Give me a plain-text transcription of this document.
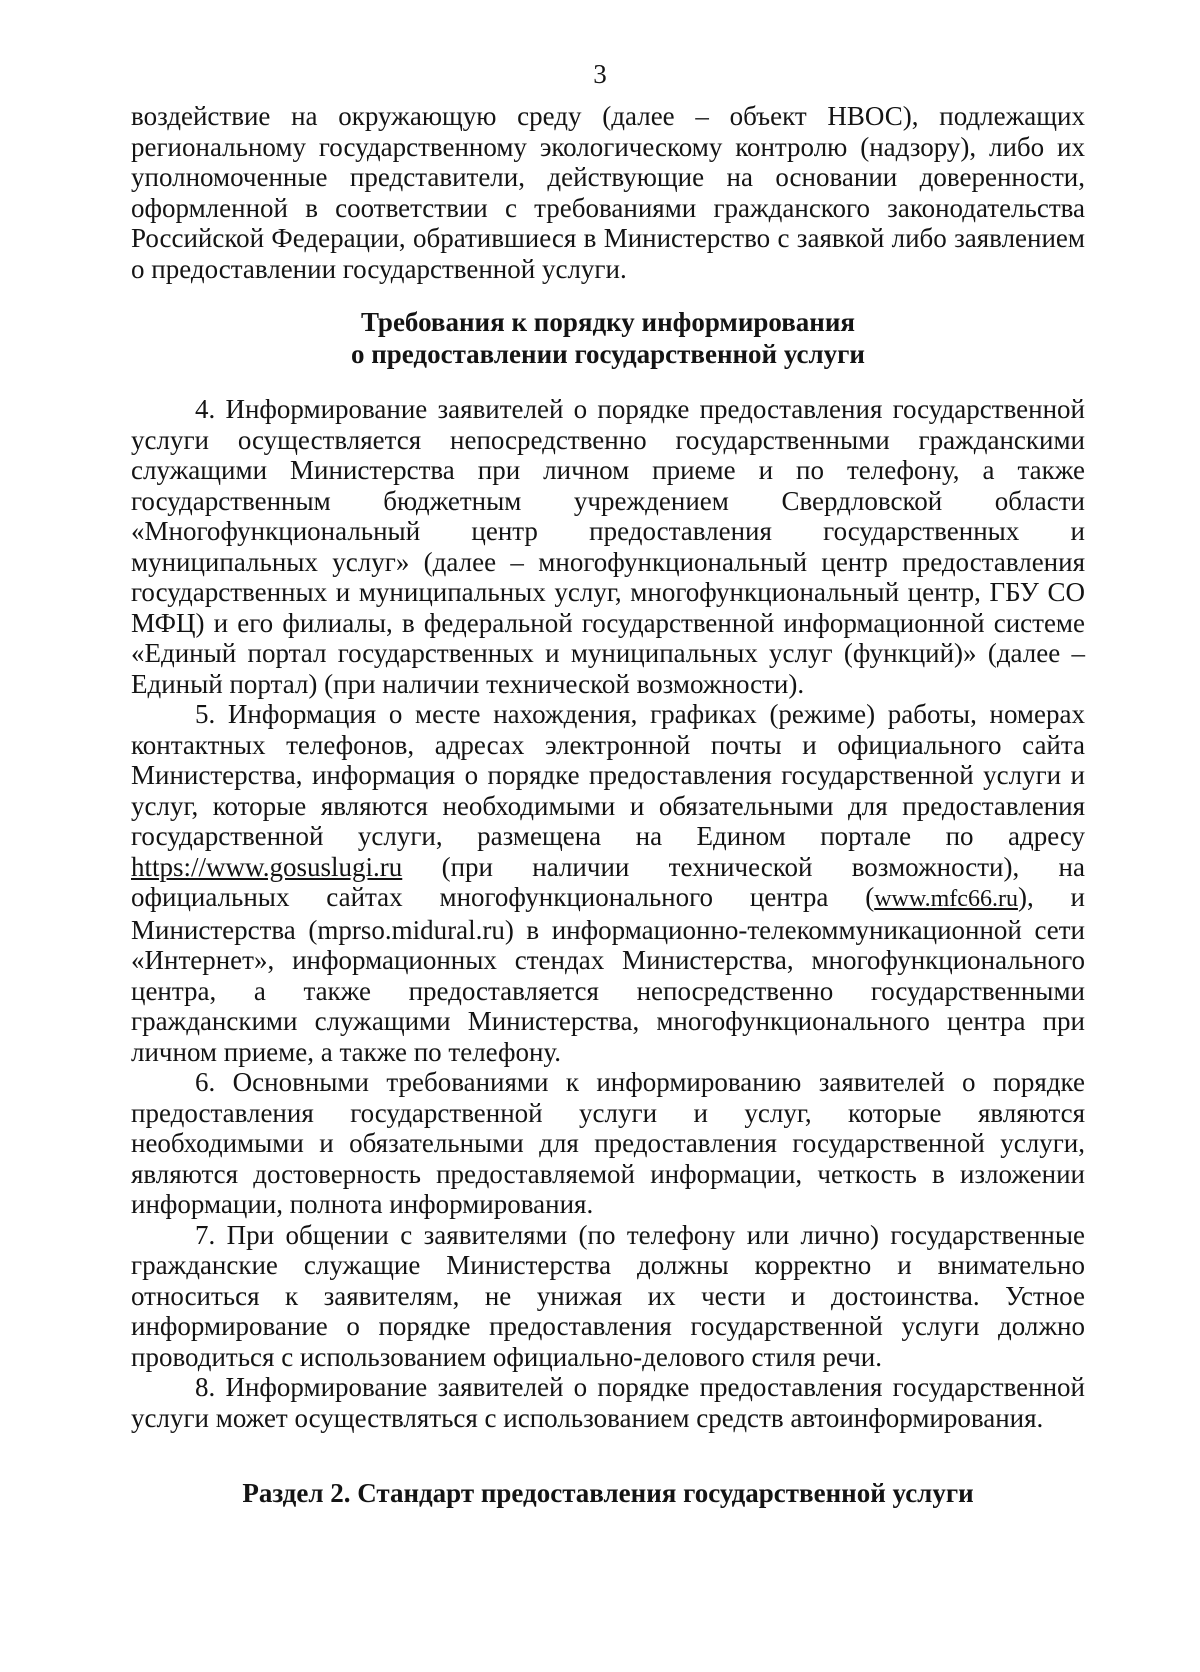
3

воздействие на окружающую среду (далее – объект НВОС), подлежащих региональному государственному экологическому контролю (надзору), либо их уполномоченные представители, действующие на основании доверенности, оформленной в соответствии с требованиями гражданского законодательства Российской Федерации, обратившиеся в Министерство с заявкой либо заявлением о предоставлении государственной услуги.

Требования к порядку информирования
о предоставлении государственной услуги

4. Информирование заявителей о порядке предоставления государственной услуги осуществляется непосредственно государственными гражданскими служащими Министерства при личном приеме и по телефону, а также государственным бюджетным учреждением Свердловской области «Многофункциональный центр предоставления государственных и муниципальных услуг» (далее – многофункциональный центр предоставления государственных и муниципальных услуг, многофункциональный центр, ГБУ СО МФЦ) и его филиалы, в федеральной государственной информационной системе «Единый портал государственных и муниципальных услуг (функций)» (далее – Единый портал) (при наличии технической возможности).

5. Информация о месте нахождения, графиках (режиме) работы, номерах контактных телефонов, адресах электронной почты и официального сайта Министерства, информация о порядке предоставления государственной услуги и услуг, которые являются необходимыми и обязательными для предоставления государственной услуги, размещена на Едином портале по адресу https://www.gosuslugi.ru (при наличии технической возможности), на официальных сайтах многофункционального центра (www.mfc66.ru), и Министерства (mprso.midural.ru) в информационно-телекоммуникационной сети «Интернет», информационных стендах Министерства, многофункционального центра, а также предоставляется непосредственно государственными гражданскими служащими Министерства, многофункционального центра при личном приеме, а также по телефону.

6. Основными требованиями к информированию заявителей о порядке предоставления государственной услуги и услуг, которые являются необходимыми и обязательными для предоставления государственной услуги, являются достоверность предоставляемой информации, четкость в изложении информации, полнота информирования.

7. При общении с заявителями (по телефону или лично) государственные гражданские служащие Министерства должны корректно и внимательно относиться к заявителям, не унижая их чести и достоинства. Устное информирование о порядке предоставления государственной услуги должно проводиться с использованием официально-делового стиля речи.

8. Информирование заявителей о порядке предоставления государственной услуги может осуществляться с использованием средств автоинформирования.

Раздел 2. Стандарт предоставления государственной услуги
